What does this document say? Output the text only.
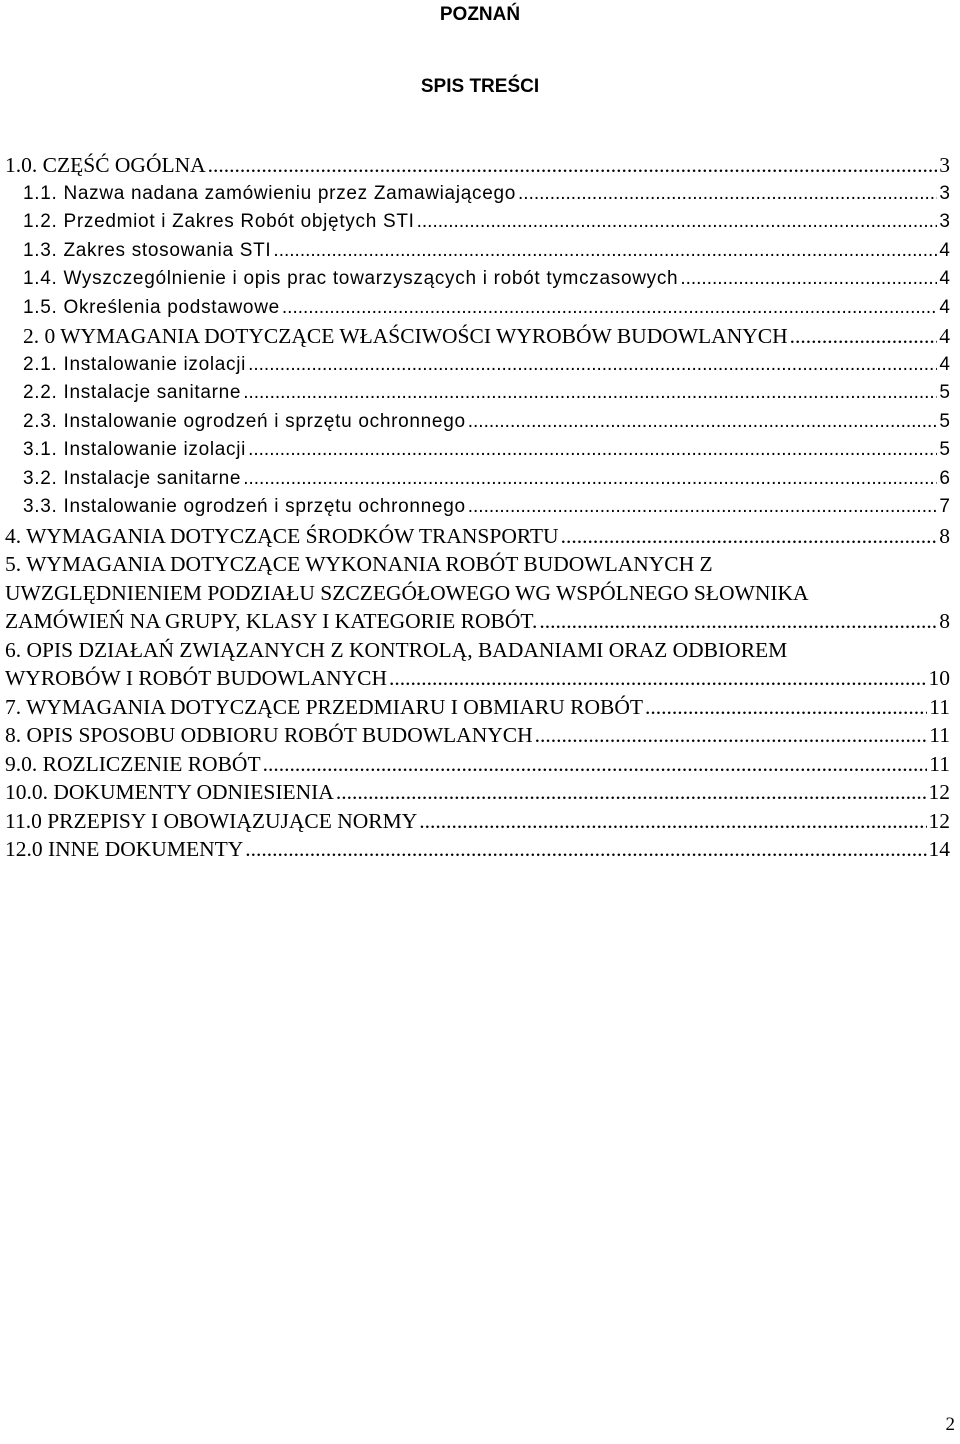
POZNAŃ
SPIS TREŚCI
1.0. CZĘŚĆ OGÓLNA .....	3
1.1. Nazwa nadana zamówieniu przez Zamawiającego .....	3
1.2. Przedmiot i Zakres Robót objętych STI .....	3
1.3. Zakres stosowania STI .....	4
1.4. Wyszczególnienie i opis prac towarzyszących i robót tymczasowych .....	4
1.5. Określenia podstawowe .....	4
2. 0 WYMAGANIA DOTYCZĄCE WŁAŚCIWOŚCI WYROBÓW BUDOWLANYCH .....	4
2.1. Instalowanie izolacji .....	4
2.2. Instalacje sanitarne .....	5
2.3. Instalowanie ogrodzeń i sprzętu ochronnego .....	5
3.1. Instalowanie izolacji .....	5
3.2. Instalacje sanitarne .....	6
3.3. Instalowanie ogrodzeń i sprzętu ochronnego .....	7
4. WYMAGANIA DOTYCZĄCE ŚRODKÓW TRANSPORTU .....	8
5. WYMAGANIA DOTYCZĄCE WYKONANIA ROBÓT BUDOWLANYCH Z
UWZGLĘDNIENIEM PODZIAŁU SZCZEGÓŁOWEGO WG WSPÓLNEGO SŁOWNIKA
ZAMÓWIEŃ NA GRUPY, KLASY I KATEGORIE ROBÓT. .....	8
6. OPIS DZIAŁAŃ ZWIĄZANYCH Z KONTROLĄ, BADANIAMI ORAZ ODBIOREM
WYROBÓW I ROBÓT BUDOWLANYCH .....	10
7. WYMAGANIA DOTYCZĄCE PRZEDMIARU I OBMIARU ROBÓT .....	11
8. OPIS SPOSOBU ODBIORU ROBÓT BUDOWLANYCH .....	11
9.0. ROZLICZENIE ROBÓT .....	11
10.0. DOKUMENTY ODNIESIENIA .....	12
11.0 PRZEPISY I OBOWIĄZUJĄCE NORMY .....	12
12.0 INNE DOKUMENTY .....	14
2
